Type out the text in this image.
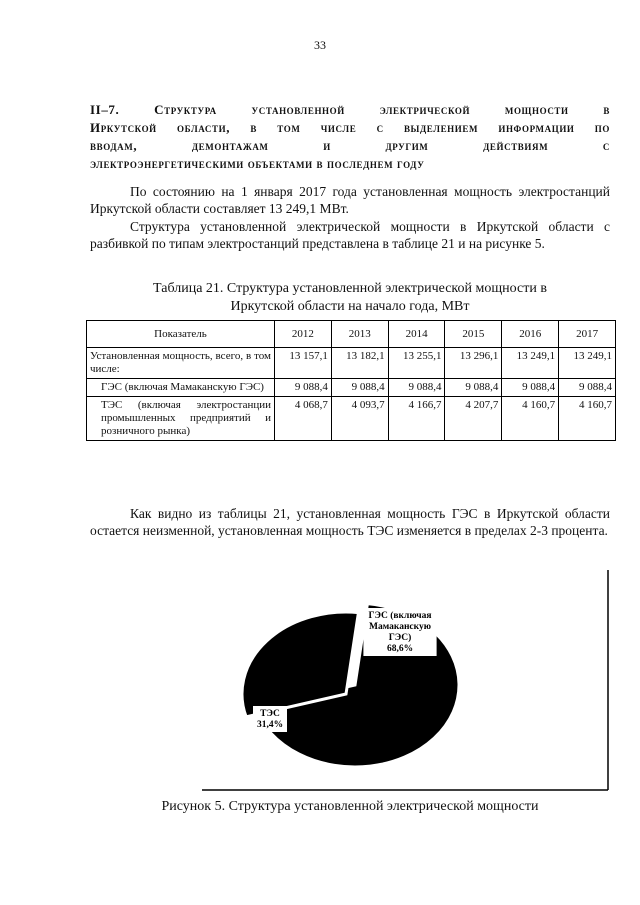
33
II–7. Структура установленной электрической мощности в
Иркутской области, в том числе с выделением информации по
вводам, демонтажам и другим действиям с
электроэнергетическими объектами в последнем году
По состоянию на 1 января 2017 года установленная мощность электростанций Иркутской области составляет 13 249,1 МВт.
Структура установленной электрической мощности в Иркутской области с разбивкой по типам электростанций представлена в таблице 21 и на рисунке 5.
Таблица 21. Структура установленной электрической мощности в
Иркутской области на начало года, МВт
Показатель	2012	2013	2014	2015	2016	2017
Установленная мощность, всего, в том числе:	13 157,1	13 182,1	13 255,1	13 296,1	13 249,1	13 249,1
ГЭС (включая Мамаканскую ГЭС)	9 088,4	9 088,4	9 088,4	9 088,4	9 088,4	9 088,4
ТЭС (включая электростанции промышленных предприятий и розничного рынка)	4 068,7	4 093,7	4 166,7	4 207,7	4 160,7	4 160,7
Как видно из таблицы 21, установленная мощность ГЭС в Иркутской области остается неизменной, установленная мощность ТЭС изменяется в пределах 2-3 процента.
ГЭС (включая
Мамаканскую
ГЭС)
68,6%
ТЭС
31,4%
Рисунок 5. Структура установленной электрической мощности
